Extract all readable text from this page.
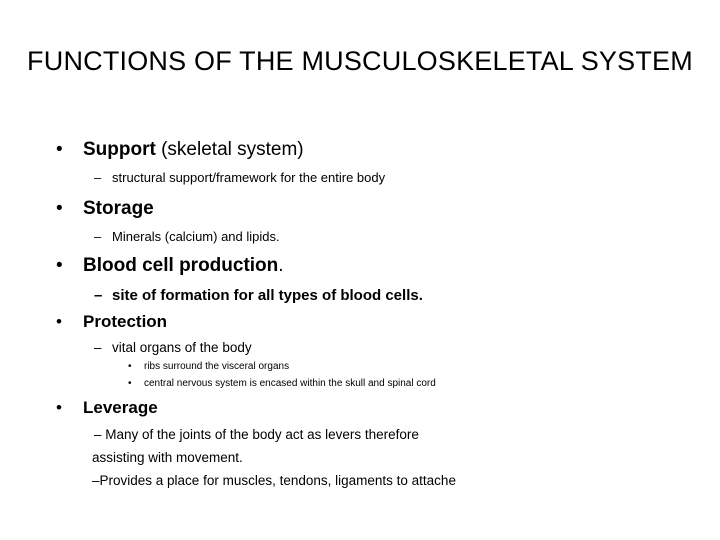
FUNCTIONS OF THE MUSCULOSKELETAL SYSTEM
• Support (skeletal system)
– structural support/framework for the entire body
• Storage
– Minerals (calcium) and lipids.
• Blood cell production.
– site of formation for all types of blood cells.
• Protection
– vital organs of the body
• ribs surround the visceral organs
• central nervous system is encased within the skull and spinal cord
• Leverage
– Many of the joints of the body act as levers therefore
assisting with movement.
–Provides a place for muscles, tendons, ligaments to attache
